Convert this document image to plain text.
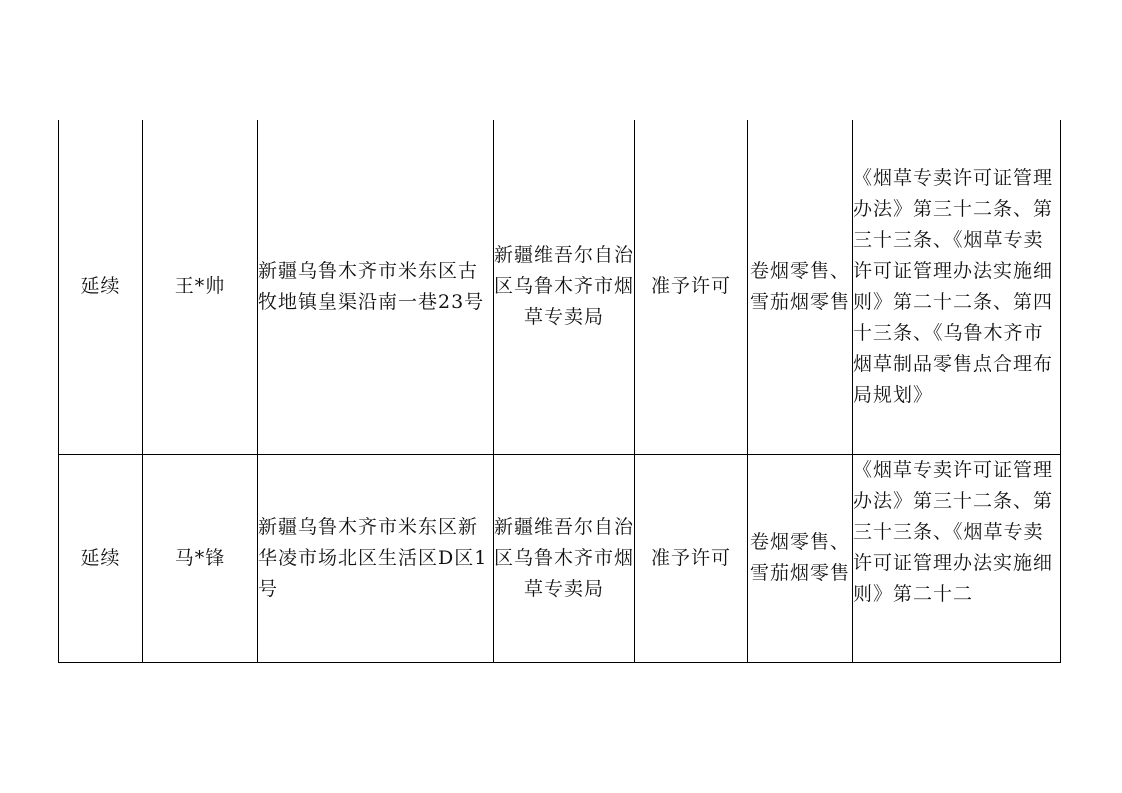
延续	王*帅	新疆乌鲁木齐市米东区古牧地镇皇渠沿南一巷23号	新疆维吾尔自治区乌鲁木齐市烟草专卖局	准予许可	卷烟零售、雪茄烟零售	《烟草专卖许可证管理办法》第三十二条、第三十三条、《烟草专卖许可证管理办法实施细则》第二十二条、第四十三条、《乌鲁木齐市烟草制品零售点合理布局规划》

延续	马*锋	新疆乌鲁木齐市米东区新华凌市场北区生活区D区1号	新疆维吾尔自治区乌鲁木齐市烟草专卖局	准予许可	卷烟零售、雪茄烟零售	《烟草专卖许可证管理办法》第三十二条、第三十三条、《烟草专卖许可证管理办法实施细则》第二十二
